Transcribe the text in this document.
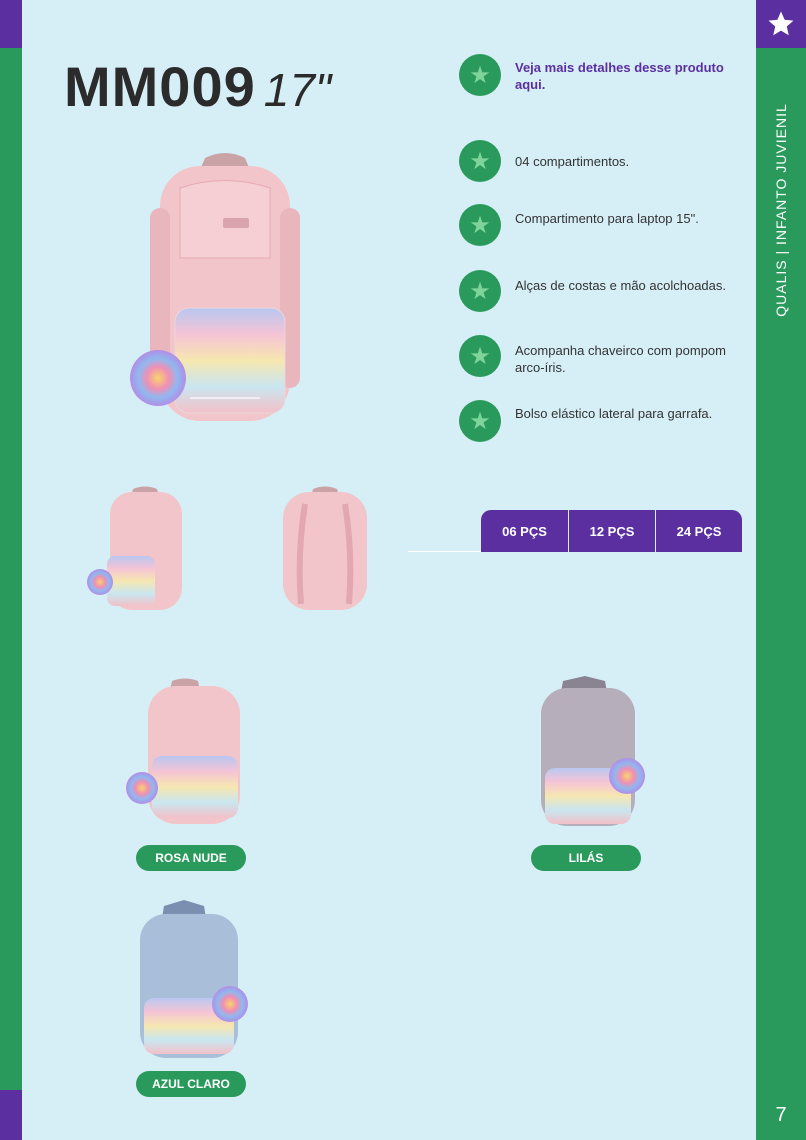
QUALIS | INFANTO JUVIENIL
7
MM009 17"	★ Veja mais detalhes desse produto aqui.
★ 04 compartimentos.
★ Compartimento para laptop 15".
★ Alças de costas e mão acolchoadas.
★ Acompanha chaveirco com pompom arco-íris.
★ Bolso elástico lateral para garrafa.
06 PÇS	12 PÇS	24 PÇS
ROSA NUDE	LILÁS
AZUL CLARO
